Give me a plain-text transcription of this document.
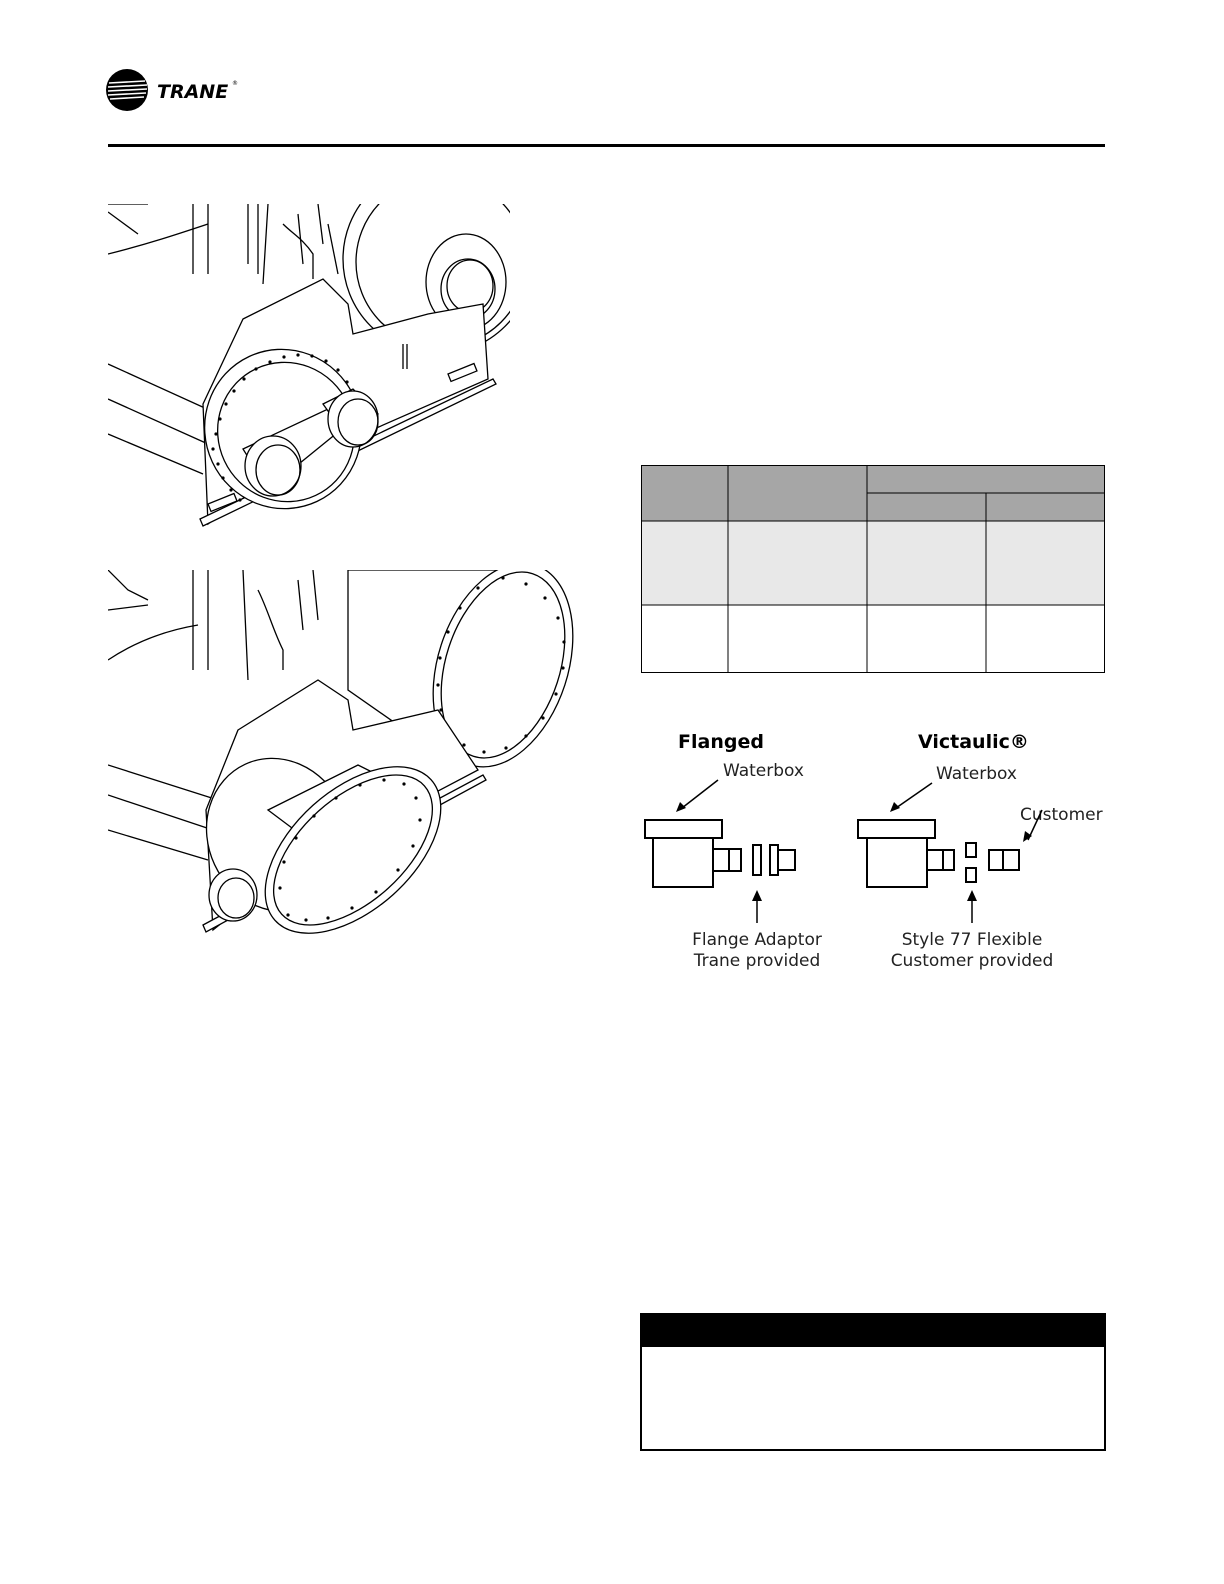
TRANE ®
Flanged
Waterbox
Flange Adaptor
Trane provided
Victaulic®
Waterbox
Customer
Style 77 Flexible
Customer provided
